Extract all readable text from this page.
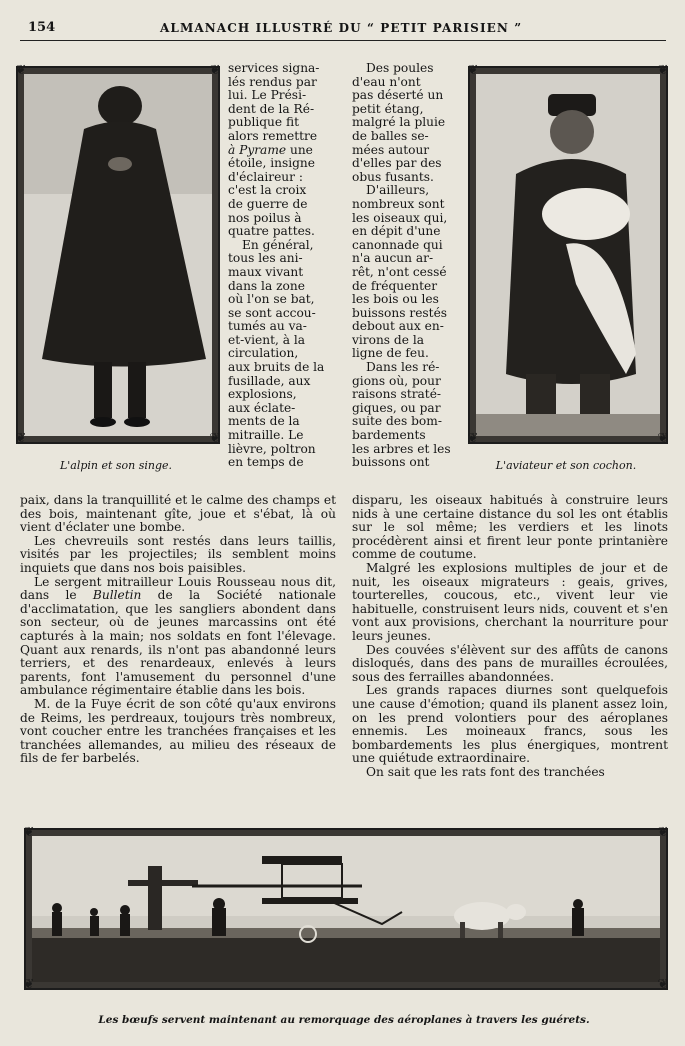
154	ALMANACH ILLUSTRÉ DU “ PETIT PARISIEN ”
❦	❦
❦	❦
L'alpin et son singe.
❦	❦
❦	❦
L'aviateur et son cochon.
services signa-
lés rendus par
lui. Le Prési-
dent de la Ré-
publique fit
alors remettre
à Pyrame une
étoile, insigne
d'éclaireur :
c'est la croix
de guerre de
nos poilus à
quatre pattes.
En général,
tous les ani-
maux vivant
dans la zone
où l'on se bat,
se sont accou-
tumés au va-
et-vient, à la
circulation,
aux bruits de la
fusillade, aux
explosions,
aux éclate-
ments de la
mitraille. Le
lièvre, poltron
en temps de
Des poules
d'eau n'ont
pas déserté un
petit étang,
malgré la pluie
de balles se-
mées autour
d'elles par des
obus fusants.
D'ailleurs,
nombreux sont
les oiseaux qui,
en dépit d'une
canonnade qui
n'a aucun ar-
rêt, n'ont cessé
de fréquenter
les bois ou les
buissons restés
debout aux en-
virons de la
ligne de feu.
Dans les ré-
gions où, pour
raisons straté-
giques, ou par
suite des bom-
bardements
les arbres et les
buissons ont

paix, dans la tranquillité et le calme des champs et des bois, maintenant gîte, joue et s'ébat, là où vient d'éclater une bombe.

Les chevreuils sont restés dans leurs taillis, visités par les projectiles; ils semblent moins inquiets que dans nos bois paisibles.

Le sergent mitrailleur Louis Rousseau nous dit, dans le Bulletin de la Société nationale d'acclimatation, que les sangliers abondent dans son secteur, où de jeunes marcassins ont été capturés à la main; nos soldats en font l'élevage. Quant aux renards, ils n'ont pas abandonné leurs terriers, et des renardeaux, enlevés à leurs parents, font l'amusement du personnel d'une ambulance régimentaire établie dans les bois.

M. de la Fuye écrit de son côté qu'aux environs de Reims, les perdreaux, toujours très nombreux, vont coucher entre les tranchées françaises et les tranchées allemandes, au milieu des réseaux de fils de fer barbelés.

disparu, les oiseaux habitués à construire leurs nids à une certaine distance du sol les ont établis sur le sol même; les verdiers et les linots procédèrent ainsi et firent leur ponte printanière comme de coutume.

Malgré les explosions multiples de jour et de nuit, les oiseaux migrateurs : geais, grives, tourterelles, coucous, etc., vivent leur vie habituelle, construisent leurs nids, couvent et s'en vont aux provisions, cherchant la nourriture pour leurs jeunes.

Des couvées s'élèvent sur des affûts de canons disloqués, dans des pans de murailles écroulées, sous des ferrailles abandonnées.

Les grands rapaces diurnes sont quelquefois une cause d'émotion; quand ils planent assez loin, on les prend volontiers pour des aéroplanes ennemis. Les moineaux francs, sous les bombardements les plus énergiques, montrent une quiétude extraordinaire.

On sait que les rats font des tranchées

❦	❦
❦	❦
Les bœufs servent maintenant au remorquage des aéroplanes à travers les guérets.
